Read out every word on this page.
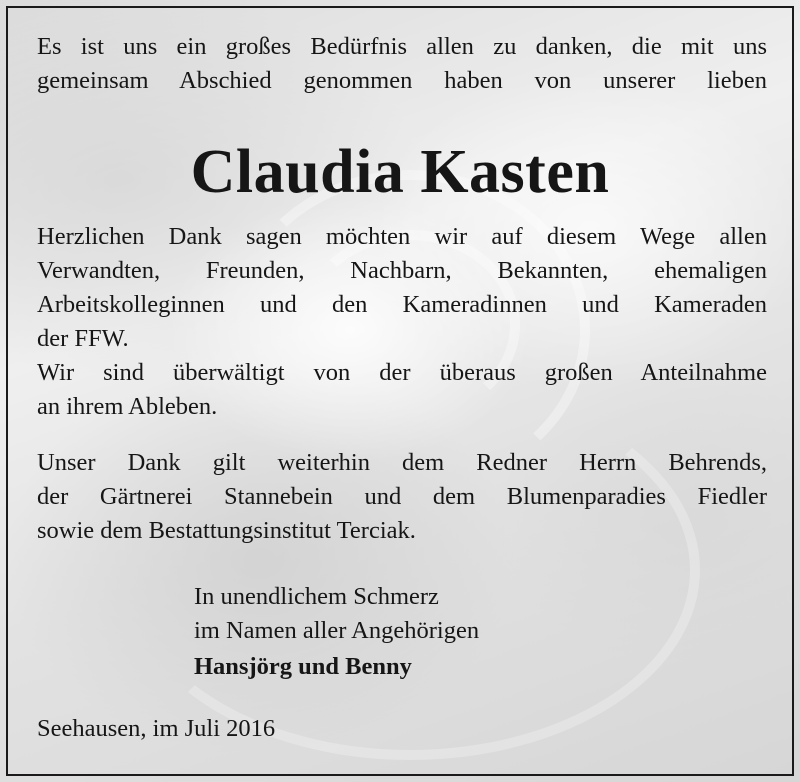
Es ist uns ein großes Bedürfnis allen zu danken, die mit uns
gemeinsam Abschied genommen haben von unserer lieben
Claudia Kasten
Herzlichen Dank sagen möchten wir auf diesem Wege allen
Verwandten, Freunden, Nachbarn, Bekannten, ehemaligen
Arbeitskolleginnen und den Kameradinnen und Kameraden
der FFW.
Wir sind überwältigt von der überaus großen Anteilnahme
an ihrem Ableben.
Unser Dank gilt weiterhin dem Redner Herrn Behrends,
der Gärtnerei Stannebein und dem Blumenparadies Fiedler
sowie dem Bestattungsinstitut Terciak.
In unendlichem Schmerz
im Namen aller Angehörigen
Hansjörg und Benny
Seehausen, im Juli 2016
